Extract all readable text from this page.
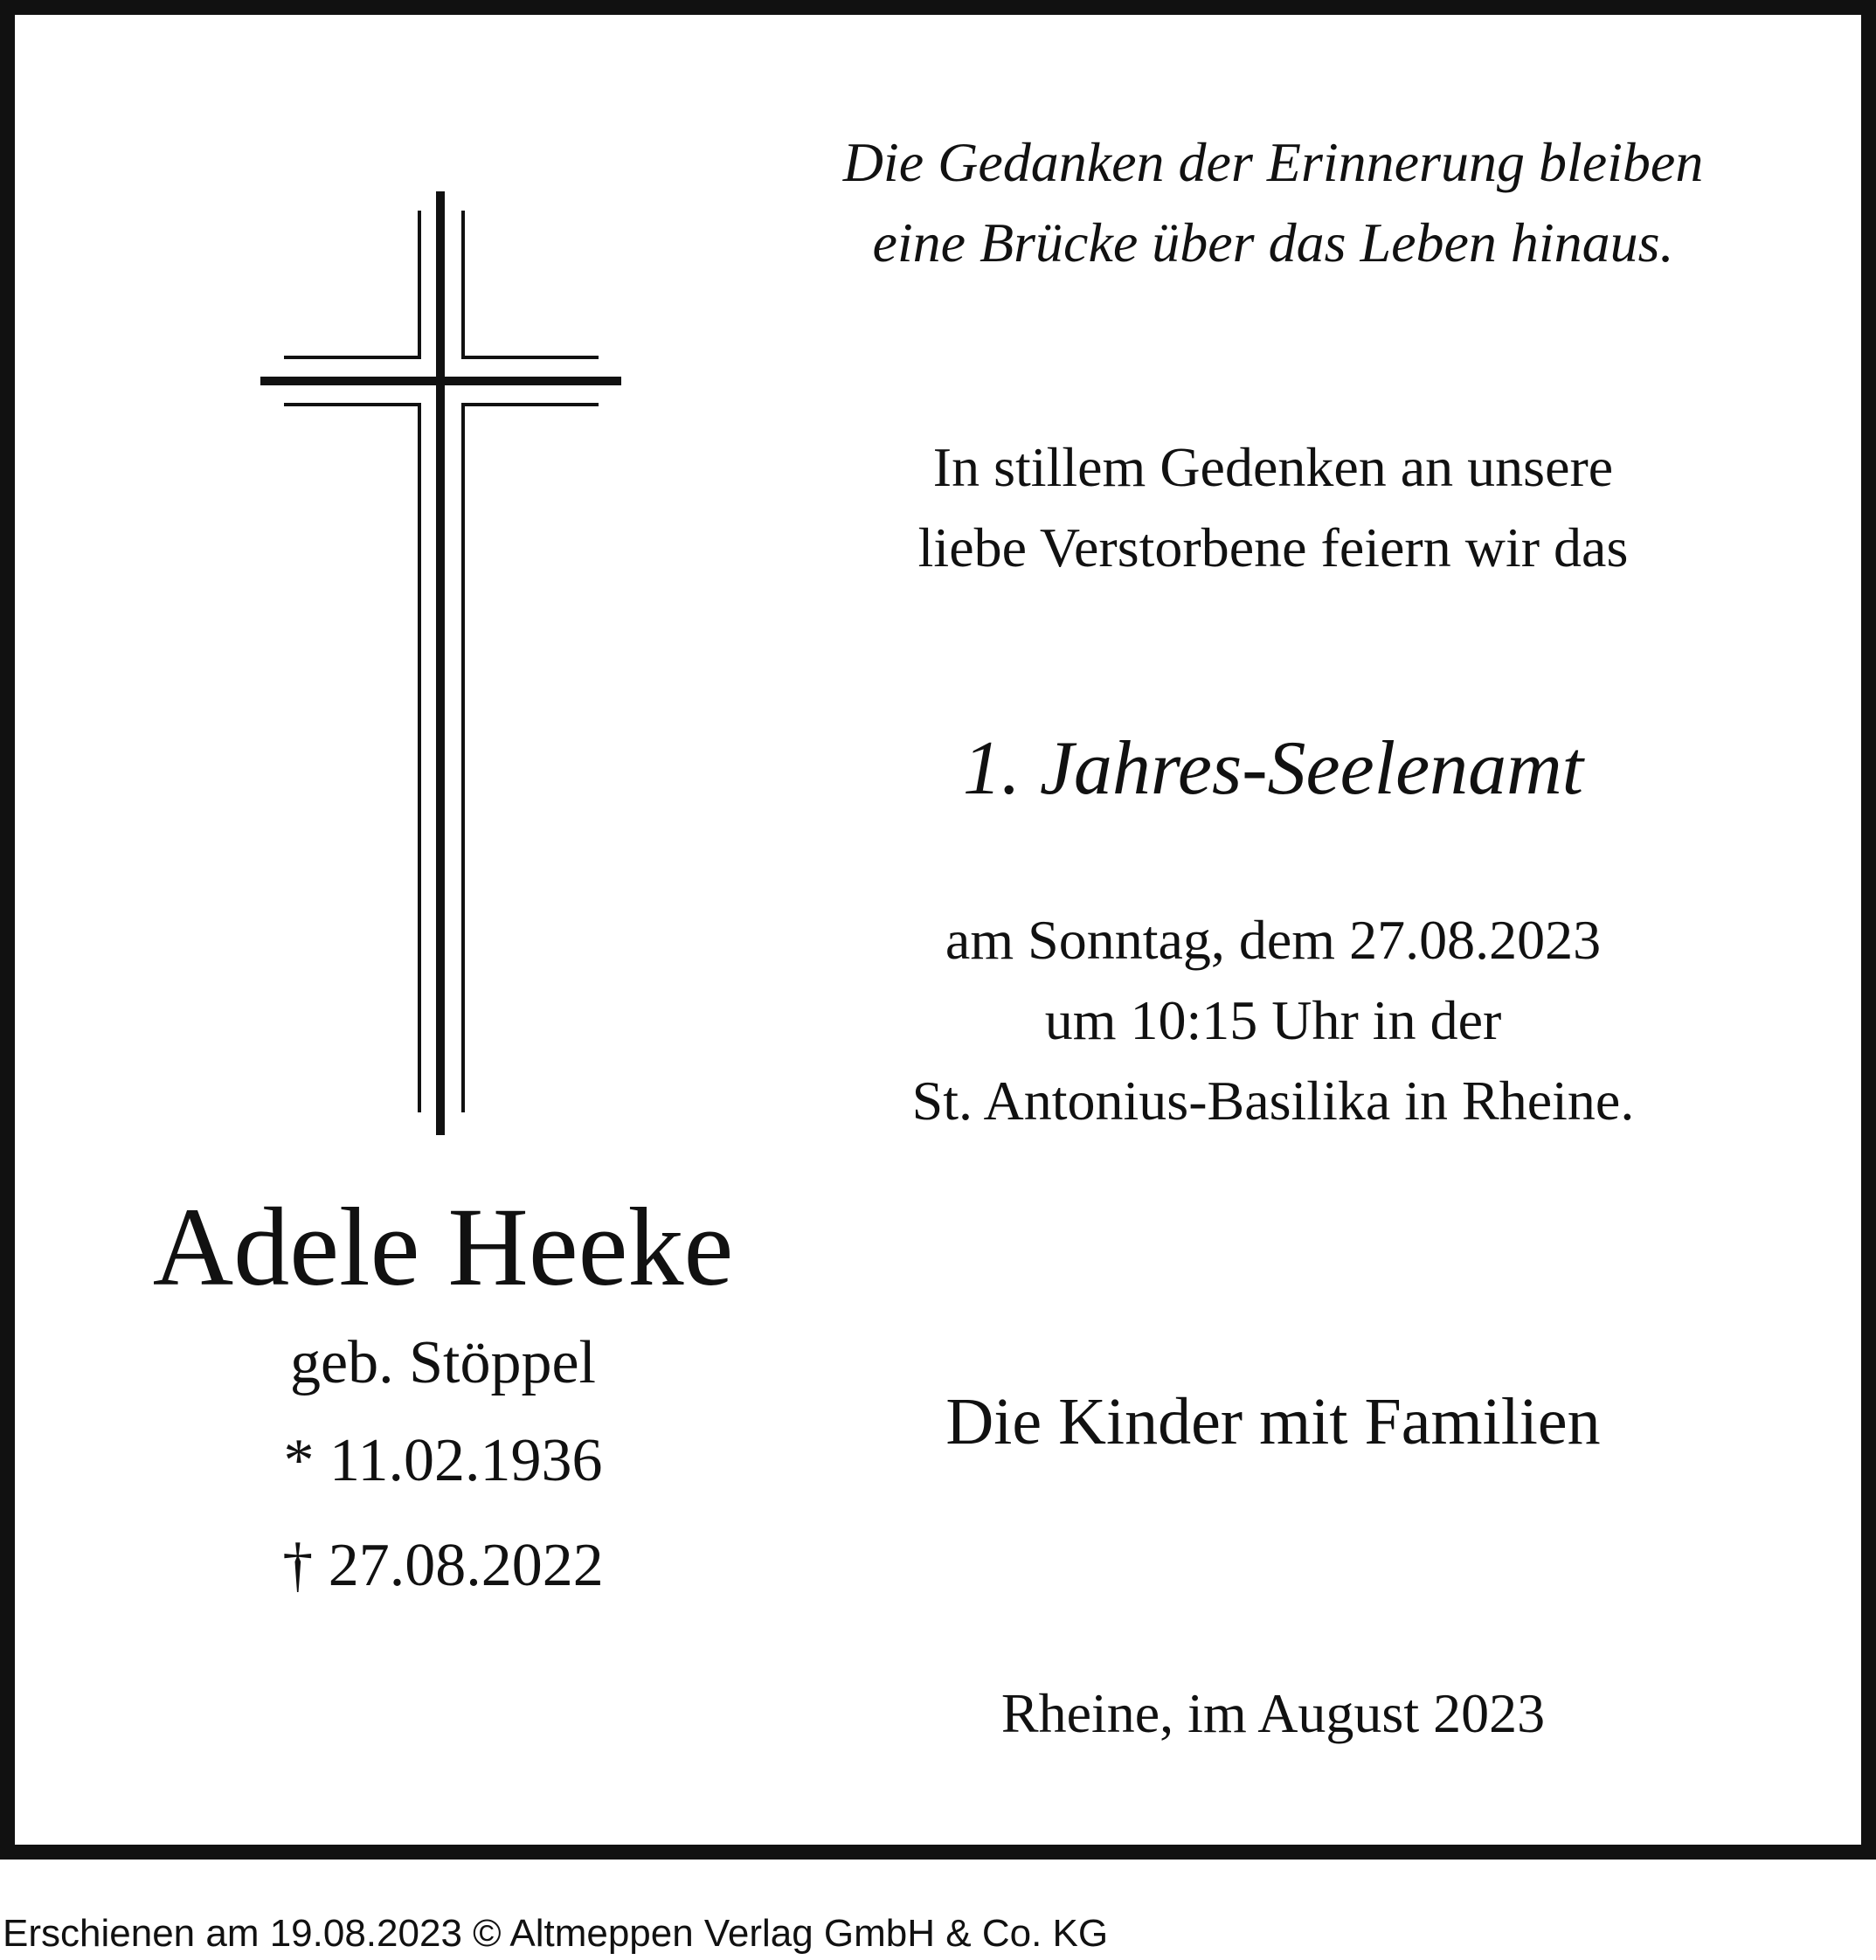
Adele Heeke
geb. Stöppel
* 11.02.1936
† 27.08.2022
Die Gedanken der Erinnerung bleiben
eine Brücke über das Leben hinaus.
In stillem Gedenken an unsere
liebe Verstorbene feiern wir das
1. Jahres-Seelenamt
am Sonntag, dem 27.08.2023
um 10:15 Uhr in der
St. Antonius-Basilika in Rheine.
Die Kinder mit Familien
Rheine, im August 2023
Erschienen am 19.08.2023 © Altmeppen Verlag GmbH & Co. KG
